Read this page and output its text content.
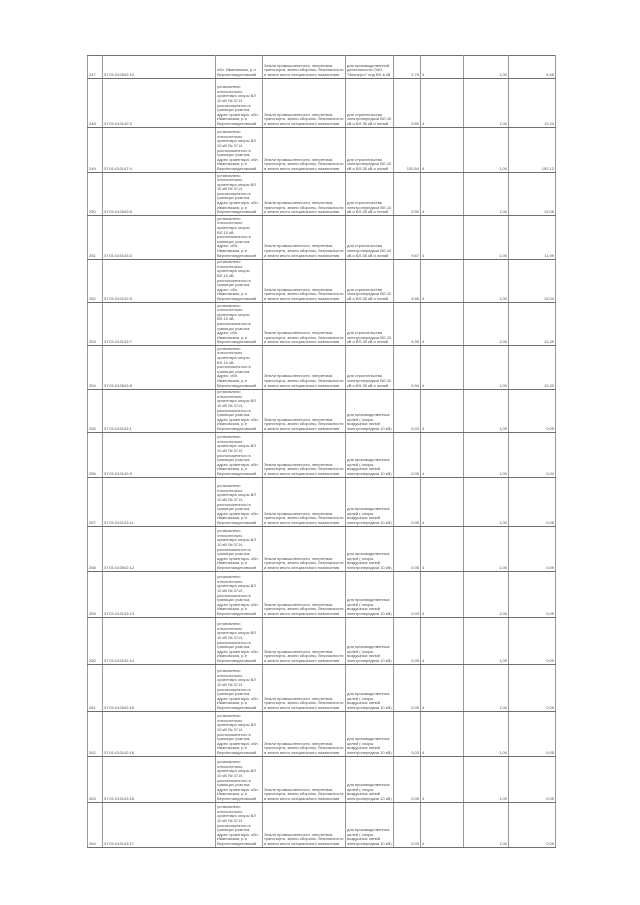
247	37:01:010542:10	обл. Ивановская, р-н Верхнеландеховский	Земли промышленности, энергетики, транспорта, земли обороны, безопасности и земли иного специального назначения	для производственной деятельности ОАО "Ивэнерго" под ВЛ-6 кВ	2,79	4	1,00	4,65
248	37:01:010142:3	установлено относительно ориентира опоры ВЛ 10 кВ № 37-И, расположенного в границах участка, адрес ориентира: обл. Ивановская, р-н Верхнеландеховский	Земли промышленности, энергетики, транспорта, земли обороны, безопасности и земли иного специального назначения	для строительства электропередачи ВЛ-10 кВ и ВЛ-35 кВ и линий	9,60	4	1,00	12,24
249	37:01:010147:4	установлено относительно ориентира опоры ВЛ 10 кВ № 37-И, расположенного в границах участка, адрес ориентира: обл. Ивановская, р-н Верхнеландеховский	Земли промышленности, энергетики, транспорта, земли обороны, безопасности и земли иного специального назначения	для строительства электропередачи ВЛ-10 кВ и ВЛ-35 кВ и линий	100,54	4	1,00	192,12
250	37:01:010542:6	установлено относительно ориентира опоры ВЛ 10 кВ № 37-И, расположенного в границах участка, адрес ориентира: обл. Ивановская, р-н Верхнеландеховский	Земли промышленности, энергетики, транспорта, земли обороны, безопасности и земли иного специального назначения	для строительства электропередачи ВЛ-10 кВ и ВЛ-35 кВ и линий	9,90	4	1,00	12,08
251	37:01:010143:3	установлено относительно ориентира опоры ВЛ-10 кВ, расположенного в границах участка, адрес: обл. Ивановская, р-н Верхнеландеховский	Земли промышленности, энергетики, транспорта, земли обороны, безопасности и земли иного специального назначения	для строительства электропередачи ВЛ-10 кВ и ВЛ-35 кВ и линий	9,67	4	1,00	11,99
252	37:01:010142:5	установлено относительно ориентира опоры ВЛ-10 кВ, расположенного в границах участка, адрес: обл. Ивановская, р-н Верхнеландеховский	Земли промышленности, энергетики, транспорта, земли обороны, безопасности и земли иного специального назначения	для строительства электропередачи ВЛ-10 кВ и ВЛ-35 кВ и линий	4,66	4	1,00	12,04
253	37:01:010143:7	установлено относительно ориентира опоры ВЛ-10 кВ, расположенного в границах участка, адрес: обл. Ивановская, р-н Верхнеландеховский	Земли промышленности, энергетики, транспорта, земли обороны, безопасности и земли иного специального назначения	для строительства электропередачи ВЛ-10 кВ и ВЛ-35 кВ и линий	4,95	4	1,00	12,49
254	37:01:010542:8	установлено относительно ориентира опоры ВЛ-10 кВ, расположенного в границах участка, адрес: обл. Ивановская, р-н Верхнеландеховский	Земли промышленности, энергетики, транспорта, земли обороны, безопасности и земли иного специального назначения	для строительства электропередачи ВЛ-10 кВ и ВЛ-35 кВ и линий	9,94	4	1,00	12,43
255	37:01:010143:1	установлено относительно ориентира опоры ВЛ 10 кВ № 37-И, расположенного в границах участка, адрес ориентира: обл. Ивановская, р-н Верхнеландеховский	Земли промышленности, энергетики, транспорта, земли обороны, безопасности и земли иного специального назначения	для производственных целей ( опоры воздушных линий электропередачи 10 кВ)	0,03	4	1,00	0,05
256	37:01:010142:9	установлено относительно ориентира опоры ВЛ 10 кВ № 37-И, расположенного в границах участка, адрес ориентира: обл. Ивановская, р-н Верхнеландеховский	Земли промышленности, энергетики, транспорта, земли обороны, безопасности и земли иного специального назначения	для производственных целей ( опоры воздушных линий электропередачи 10 кВ)	0,05	4	1,00	0,04
257	37:01:010143:11	установлено относительно ориентира опоры ВЛ 10 кВ № 37-И, расположенного в границах участка, адрес ориентира: обл. Ивановская, р-н Верхнеландеховский	Земли промышленности, энергетики, транспорта, земли обороны, безопасности и земли иного специального назначения	для производственных целей ( опоры воздушных линий электропередачи 10 кВ)	0,05	4	1,00	0,05
258	37:01:010542:12	установлено относительно ориентира опоры ВЛ 10 кВ № 37-И, расположенного в границах участка, адрес ориентира: обл. Ивановская, р-н Верхнеландеховский	Земли промышленности, энергетики, транспорта, земли обороны, безопасности и земли иного специального назначения	для производственных целей ( опоры воздушных линий электропередачи 10 кВ)	0,05	4	1,00	0,09
259	37:01:010143:13	установлено относительно ориентира опоры ВЛ 10 кВ № 37-И, расположенного в границах участка, адрес ориентира: обл. Ивановская, р-н Верхнеландеховский	Земли промышленности, энергетики, транспорта, земли обороны, безопасности и земли иного специального назначения	для производственных целей ( опоры воздушных линий электропередачи 10 кВ)	0,03	4	1,00	0,05
260	37:01:010142:14	установлено относительно ориентира опоры ВЛ 10 кВ № 37-И, расположенного в границах участка, адрес ориентира: обл. Ивановская, р-н Верхнеландеховский	Земли промышленности, энергетики, транспорта, земли обороны, безопасности и земли иного специального назначения	для производственных целей ( опоры воздушных линий электропередачи 10 кВ)	0,05	4	1,00	0,09
261	37:01:010542:15	установлено относительно ориентира опоры ВЛ 10 кВ № 37-И, расположенного в границах участка, адрес ориентира: обл. Ивановская, р-н Верхнеландеховский	Земли промышленности, энергетики, транспорта, земли обороны, безопасности и земли иного специального назначения	для производственных целей ( опоры воздушных линий электропередачи 10 кВ)	0,05	4	1,00	0,05
262	37:01:010142:16	установлено относительно ориентира опоры ВЛ 10 кВ № 37-И, расположенного в границах участка, адрес ориентира: обл. Ивановская, р-н Верхнеландеховский	Земли промышленности, энергетики, транспорта, земли обороны, безопасности и земли иного специального назначения	для производственных целей ( опоры воздушных линий электропередачи 10 кВ)	0,03	4	1,00	0,05
263	37:01:010143:16	установлено относительно ориентира опоры ВЛ 10 кВ № 37-И, расположенного в границах участка, адрес ориентира: обл. Ивановская, р-н Верхнеландеховский	Земли промышленности, энергетики, транспорта, земли обороны, безопасности и земли иного специального назначения	для производственных целей ( опоры воздушных линий электропередачи 10 кВ)	0,05	4	1,00	0,05
264	37:01:010143:17	установлено относительно ориентира опоры ВЛ 10 кВ № 37-И, расположенного в границах участка, адрес ориентира: обл. Ивановская, р-н Верхнеландеховский	Земли промышленности, энергетики, транспорта, земли обороны, безопасности и земли иного специального назначения	для производственных целей ( опоры воздушных линий электропередачи 10 кВ)	0,03	4	1,00	0,05
